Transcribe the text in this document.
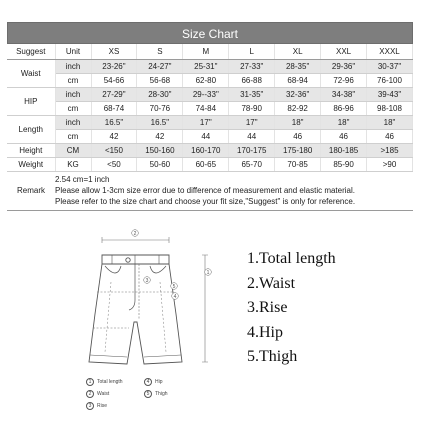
Size Chart
Suggest	Unit	XS	S	M	L	XL	XXL	XXXL
Waist	inch	23-26"	24-27"	25-31"	27-33"	28-35"	29-36"	30-37"
	cm	54-66	56-68	62-80	66-88	68-94	72-96	76-100
HIP	inch	27-29"	28-30"	29--33"	31-35"	32-36"	34-38"	39-43"
	cm	68-74	70-76	74-84	78-90	82-92	86-96	98-108
Length	inch	16.5"	16.5"	17"	17"	18"	18"	18"
	cm	42	42	44	44	46	46	46
Height	CM	<150	150-160	160-170	170-175	175-180	180-185	>185
Weight	KG	<50	50-60	60-65	65-70	70-85	85-90	>90
Remark
2.54 cm=1 inch
Please allow 1-3cm size error due to difference of measurement and elastic material.
Please refer to the size chart and choose your fit size,"Suggest" is only for reference.
2
1
4
5
3
1.Total length
2.Waist
3.Rise
4.Hip
5.Thigh
1	Total length	4	Hip
2	Waist	5	Thigh
3	Rise
